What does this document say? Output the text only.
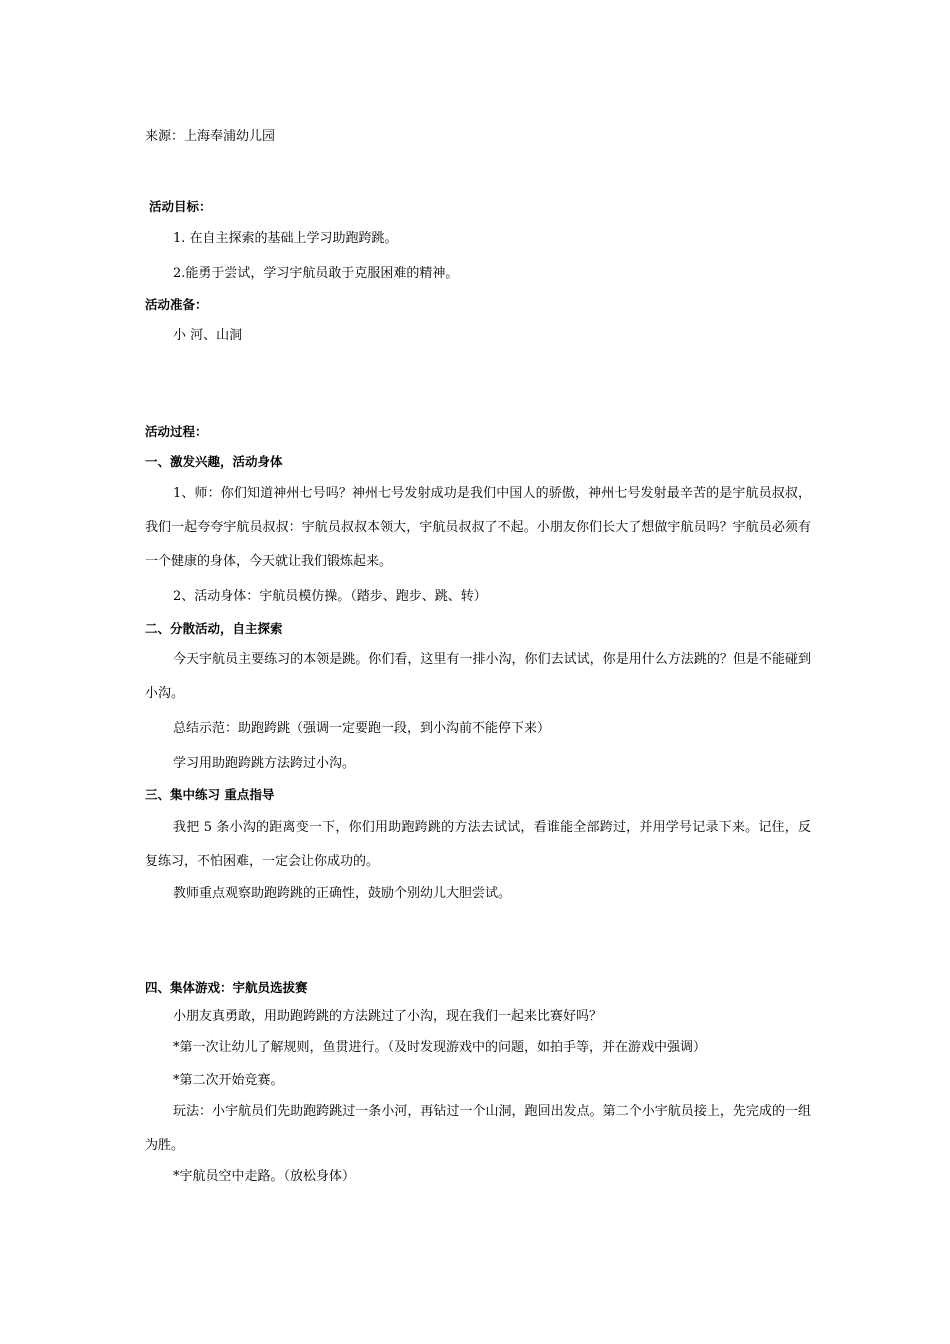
来源：上海奉浦幼儿园
活动目标：
1. 在自主探索的基础上学习助跑跨跳。
2.能勇于尝试，学习宇航员敢于克服困难的精神。
活动准备：
小 河、山洞
活动过程：
一、激发兴趣，活动身体
1、师：你们知道神州七号吗？神州七号发射成功是我们中国人的骄傲，神州七号发射最辛苦的是宇航员叔叔，我们一起夸夸宇航员叔叔：宇航员叔叔本领大，宇航员叔叔了不起。小朋友你们长大了想做宇航员吗？宇航员必须有一个健康的身体，今天就让我们锻炼起来。
2、活动身体：宇航员模仿操。（踏步、跑步、跳、转）
二、分散活动，自主探索
今天宇航员主要练习的本领是跳。你们看，这里有一排小沟，你们去试试，你是用什么方法跳的？但是不能碰到小沟。
总结示范：助跑跨跳（强调一定要跑一段，到小沟前不能停下来）
学习用助跑跨跳方法跨过小沟。
三、集中练习 重点指导
我把 5 条小沟的距离变一下，你们用助跑跨跳的方法去试试，看谁能全部跨过，并用学号记录下来。记住，反复练习，不怕困难，一定会让你成功的。
教师重点观察助跑跨跳的正确性，鼓励个别幼儿大胆尝试。
四、集体游戏：宇航员选拔赛
小朋友真勇敢，用助跑跨跳的方法跳过了小沟，现在我们一起来比赛好吗？
*第一次让幼儿了解规则，鱼贯进行。（及时发现游戏中的问题，如拍手等，并在游戏中强调）
*第二次开始竞赛。
玩法：小宇航员们先助跑跨跳过一条小河，再钻过一个山洞，跑回出发点。第二个小宇航员接上，先完成的一组为胜。
*宇航员空中走路。（放松身体）
